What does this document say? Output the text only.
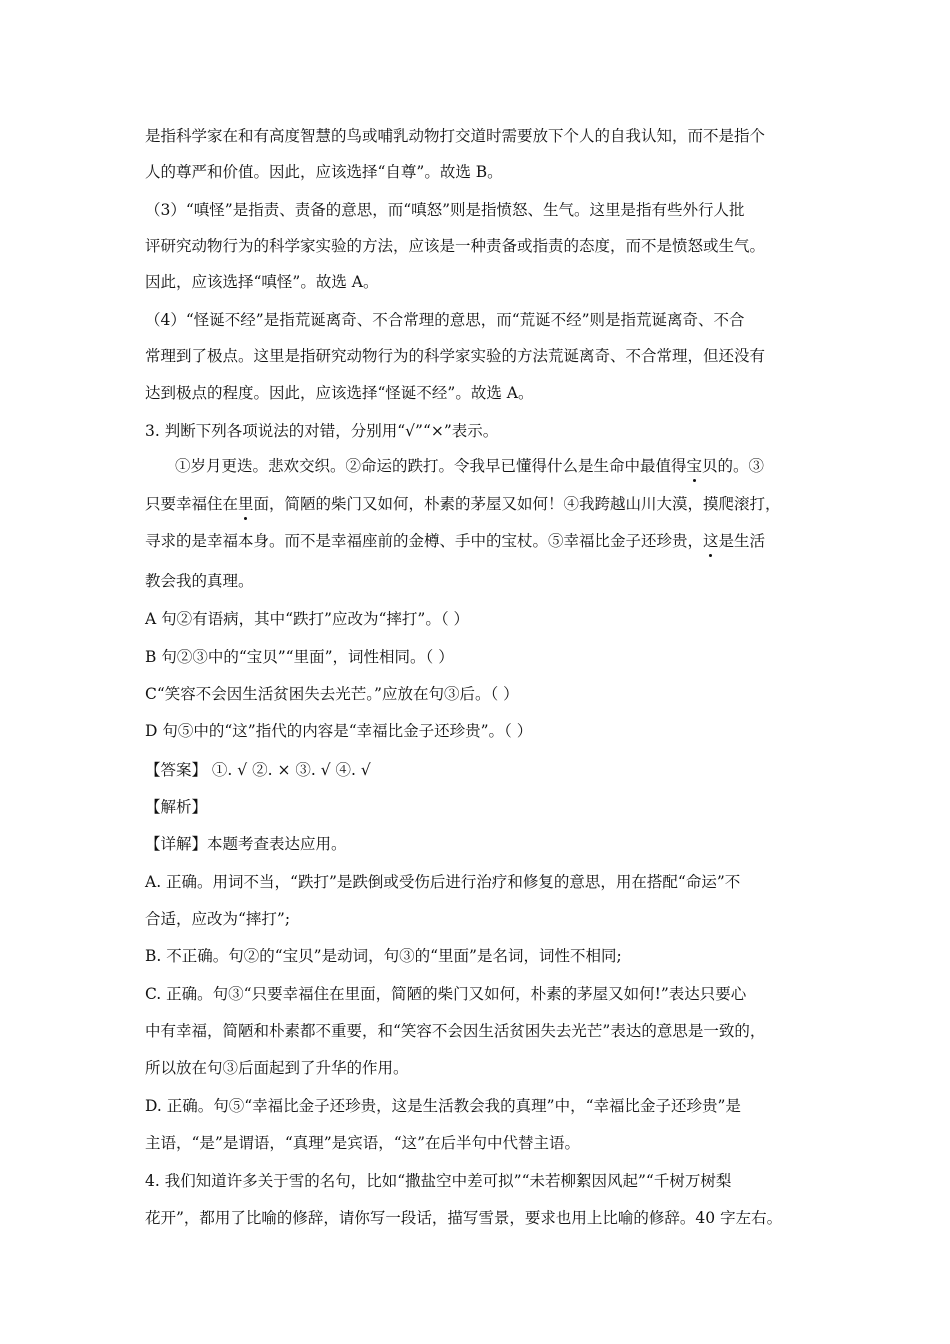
是指科学家在和有高度智慧的鸟或哺乳动物打交道时需要放下个人的自我认知，而不是指个
人的尊严和价值。因此，应该选择“自尊”。故选 B。
（3）“嗔怪”是指责、责备的意思，而“嗔怒”则是指愤怒、生气。这里是指有些外行人批
评研究动物行为的科学家实验的方法，应该是一种责备或指责的态度，而不是愤怒或生气。
因此，应该选择“嗔怪”。故选 A。
（4）“怪诞不经”是指荒诞离奇、不合常理的意思，而“荒诞不经”则是指荒诞离奇、不合
常理到了极点。这里是指研究动物行为的科学家实验的方法荒诞离奇、不合常理，但还没有
达到极点的程度。因此，应该选择“怪诞不经”。故选 A。
3. 判断下列各项说法的对错，分别用“√”“×”表示。
①岁月更迭。悲欢交织。②命运的跌打。令我早已懂得什么是生命中最值得宝贝的。③
只要幸福住在里面，简陋的柴门又如何，朴素的茅屋又如何！④我跨越山川大漠，摸爬滚打，
寻求的是幸福本身。而不是幸福座前的金樽、手中的宝杖。⑤幸福比金子还珍贵，这是生活
教会我的真理。
A 句②有语病，其中“跌打”应改为“摔打”。（ ）
B 句②③中的“宝贝”“里面”，词性相同。（ ）
C“笑容不会因生活贫困失去光芒。”应放在句③后。（ ）
D 句⑤中的“这”指代的内容是“幸福比金子还珍贵”。（ ）
【答案】 ①. √ ②. × ③. √ ④. √
【解析】
【详解】本题考查表达应用。
A. 正确。用词不当，“跌打”是跌倒或受伤后进行治疗和修复的意思，用在搭配“命运”不
合适，应改为“摔打”;
B. 不正确。句②的“宝贝”是动词，句③的“里面”是名词，词性不相同;
C. 正确。句③“只要幸福住在里面，简陋的柴门又如何，朴素的茅屋又如何!”表达只要心
中有幸福，简陋和朴素都不重要，和“笑容不会因生活贫困失去光芒”表达的意思是一致的，
所以放在句③后面起到了升华的作用。
D. 正确。句⑤“幸福比金子还珍贵，这是生活教会我的真理”中，“幸福比金子还珍贵”是
主语，“是”是谓语，“真理”是宾语，“这”在后半句中代替主语。
4. 我们知道许多关于雪的名句，比如“撒盐空中差可拟”“未若柳絮因风起”“千树万树梨
花开”，都用了比喻的修辞，请你写一段话，描写雪景，要求也用上比喻的修辞。40 字左右。
